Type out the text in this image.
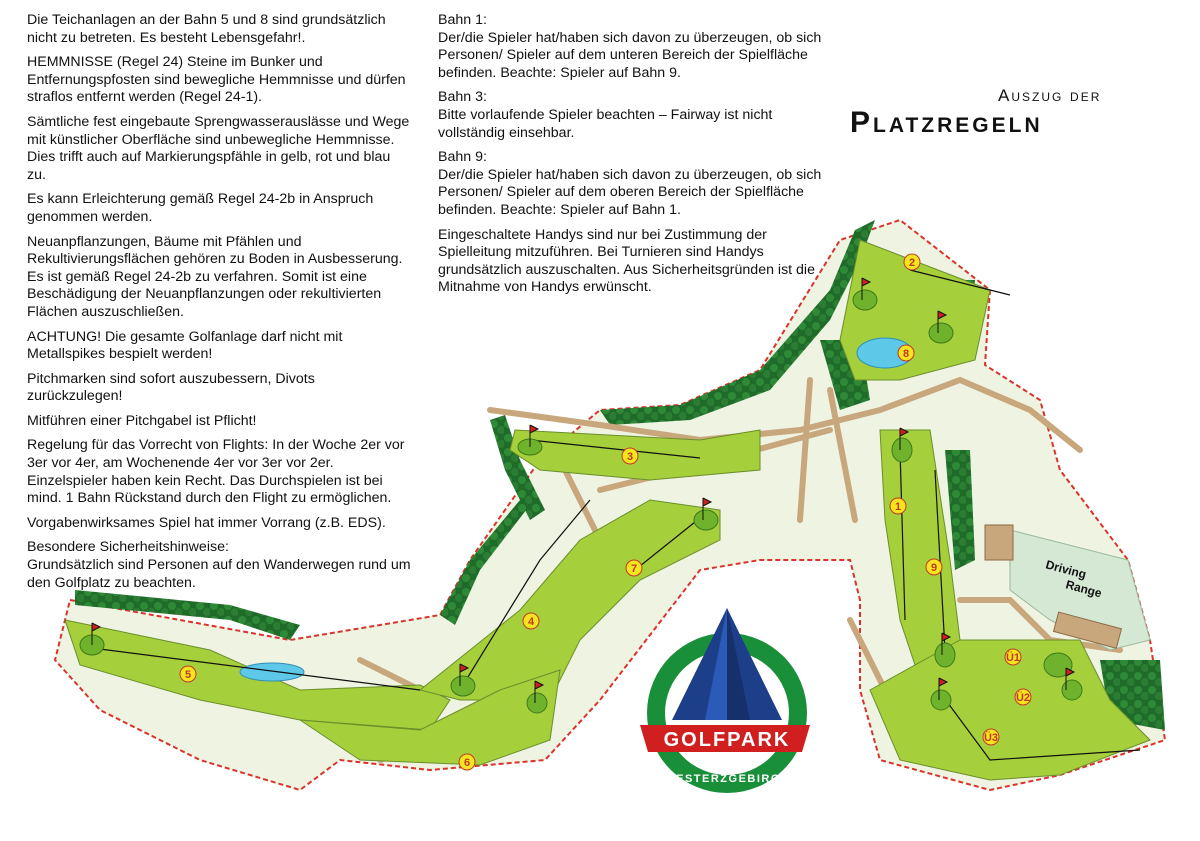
Die Teichanlagen an der Bahn 5 und 8 sind grundsätzlich nicht zu betreten. Es besteht Lebensgefahr!.

HEMMNISSE (Regel 24) Steine im Bunker und Entfernungspfosten sind bewegliche Hemmnisse und dürfen straflos entfernt werden (Regel 24-1).

Sämtliche fest eingebaute Sprengwasserauslässe und Wege mit künstlicher Oberfläche sind unbewegliche Hemmnisse. Dies trifft auch auf Markierungspfähle in gelb, rot und blau zu.

Es kann Erleichterung gemäß Regel 24-2b in Anspruch genommen werden.

Neuanpflanzungen, Bäume mit Pfählen und Rekultivierungsflächen gehören zu Boden in Ausbesserung. Es ist gemäß Regel 24-2b zu verfahren. Somit ist eine Beschädigung der Neuanpflanzungen oder rekultivierten Flächen auszuschließen.

ACHTUNG! Die gesamte Golfanlage darf nicht mit Metallspikes bespielt werden!

Pitchmarken sind sofort auszubessern, Divots zurückzulegen!

Mitführen einer Pitchgabel ist Pflicht!

Regelung für das Vorrecht von Flights: In der Woche 2er vor 3er vor 4er, am Wochenende 4er vor 3er vor 2er. Einzelspieler haben kein Recht. Das Durchspielen ist bei mind. 1 Bahn Rückstand durch den Flight zu ermöglichen.

Vorgabenwirksames Spiel hat immer Vorrang (z.B. EDS).

Besondere Sicherheitshinweise:
Grundsätzlich sind Personen auf den Wanderwegen rund um den Golfplatz zu beachten.

Bahn 1:
Der/die Spieler hat/haben sich davon zu überzeugen, ob sich Personen/ Spieler auf dem unteren Bereich der Spielfläche befinden. Beachte: Spieler auf Bahn 9.

Bahn 3:
Bitte vorlaufende Spieler beachten – Fairway ist nicht vollständig einsehbar.

Bahn 9:
Der/die Spieler hat/haben sich davon zu überzeugen, ob sich Personen/ Spieler auf dem oberen Bereich der Spielfläche befinden. Beachte: Spieler auf Bahn 1.

Eingeschaltete Handys sind nur bei Zustimmung der Spielleitung mitzuführen. Bei Turnieren sind Handys grundsätzlich auszuschalten. Aus Sicherheitsgründen ist die Mitnahme von Handys erwünscht.

Auszug der
Platzregeln
Driving
Range
1
2
3
4
5
6
7
8
9
Ü1
Ü2
Ü3
GOLFPARK
WESTERZGEBIRGE
